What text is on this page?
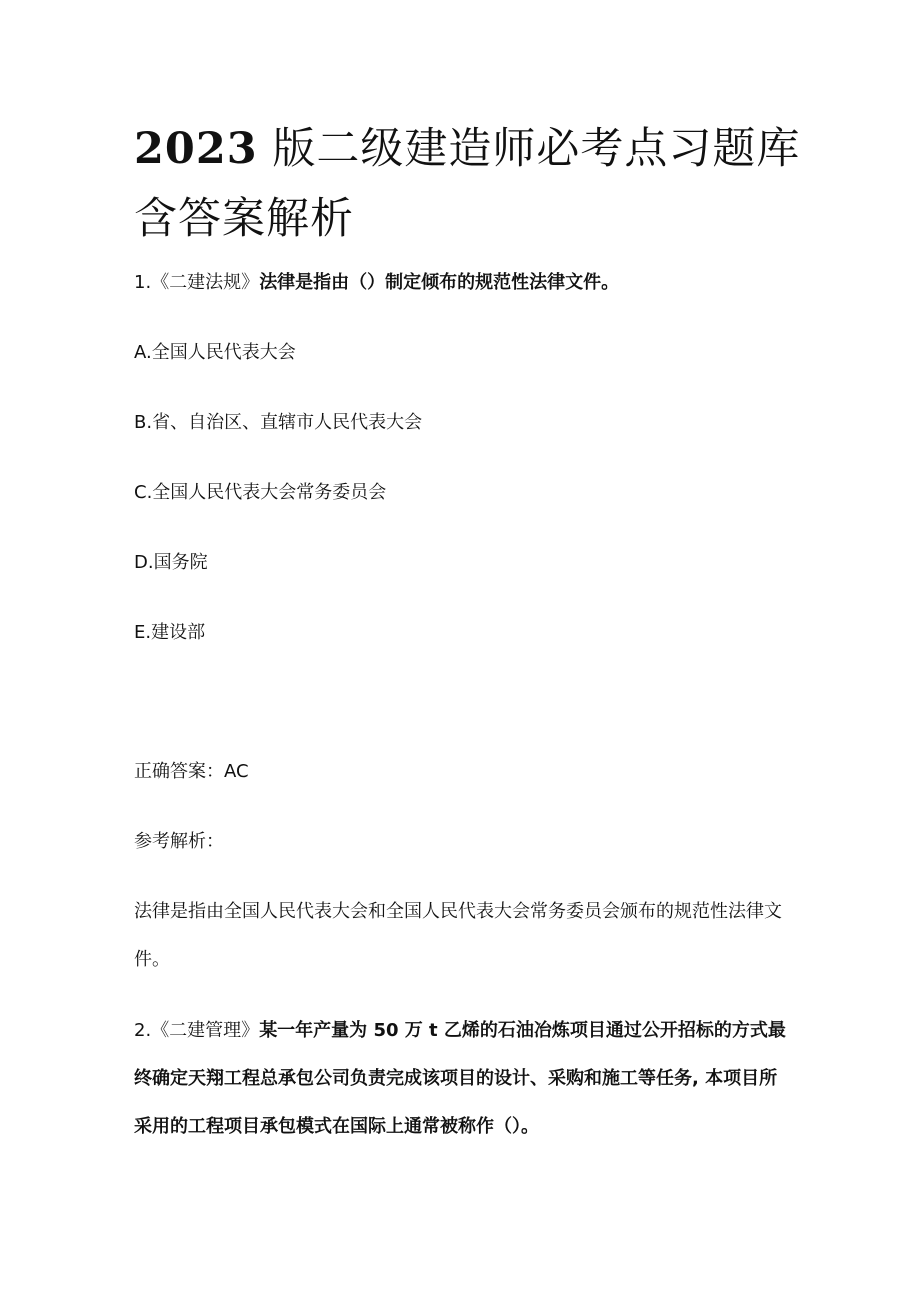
2023 版二级建造师必考点习题库含答案解析

1.《二建法规》法律是指由（）制定倾布的规范性法律文件。

A.全国人民代表大会

B.省、自治区、直辖市人民代表大会

C.全国人民代表大会常务委员会

D.国务院

E.建设部

正确答案：AC

参考解析：

法律是指由全国人民代表大会和全国人民代表大会常务委员会颁布的规范性法律文件。

2.《二建管理》某一年产量为 50 万 t 乙烯的石油冶炼项目通过公开招标的方式最终确定天翔工程总承包公司负责完成该项目的设计、采购和施工等任务, 本项目所采用的工程项目承包模式在国际上通常被称作（）。
